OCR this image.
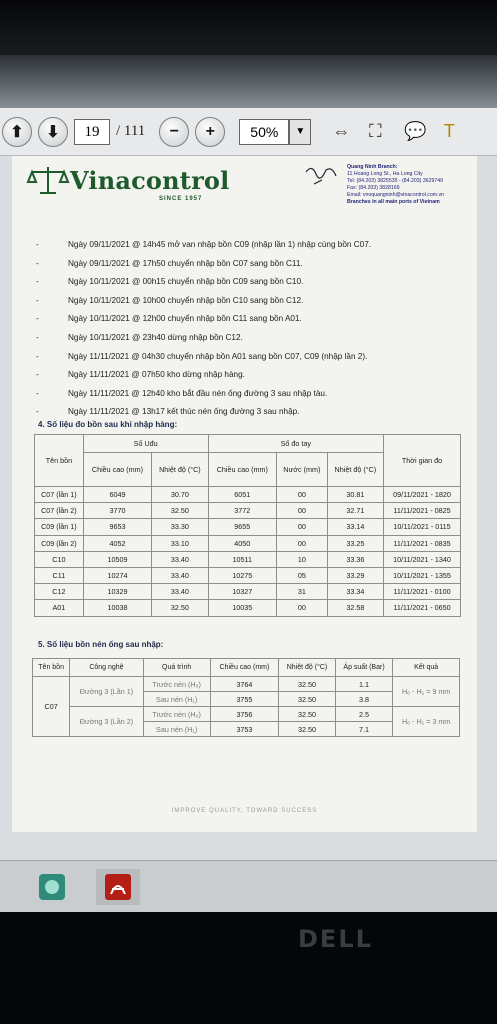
⬆ ⬇	19	/ 111 − +	50%	▼	⇔ ⛶ 💬 T
Vinacontrol
SINCE 1957
Quang Ninh Branch:
11 Hoang Long St., Ha Long City
Tel: (84.203) 3825535 - (84.203) 3629749
Fax: (84.203) 3828169
Email: vnoquangninh@vinacontrol.com.vn
Branches in all main ports of Vietnam
-	Ngày 09/11/2021 @ 14h45 mở van nhập bồn C09 (nhập lần 1) nhập cùng bồn C07.
-	Ngày 09/11/2021 @ 17h50 chuyển nhập bồn C07 sang bồn C11.
-	Ngày 10/11/2021 @ 00h15 chuyển nhập bồn C09 sang bồn C10.
-	Ngày 10/11/2021 @ 10h00 chuyển nhập bồn C10 sang bồn C12.
-	Ngày 10/11/2021 @ 12h00 chuyển nhập bồn C11 sang bồn A01.
-	Ngày 10/11/2021 @ 23h40 dừng nhập bồn C12.
-	Ngày 11/11/2021 @ 04h30 chuyển nhập bồn A01 sang bồn C07, C09 (nhập lần 2).
-	Ngày 11/11/2021 @ 07h50 kho dừng nhập hàng.
-	Ngày 11/11/2021 @ 12h40 kho bắt đầu nén ống đường 3 sau nhập tàu.
-	Ngày 11/11/2021 @ 13h17 kết thúc nén ống đường 3 sau nhập.
4. Số liệu đo bồn sau khi nhập hàng:
Tên bồn	Số Uđu		Số đo tay			Thời gian đo
	Chiều cao (mm)	Nhiệt độ (°C)	Chiều cao (mm)	Nước (mm)	Nhiệt độ (°C)	
C07 (lần 1)	6049	30.70	6051	00	30.81	09/11/2021 - 1820
C07 (lần 2)	3770	32.50	3772	00	32.71	11/11/2021 - 0825
C09 (lần 1)	9653	33.30	9655	00	33.14	10/11/2021 - 0115
C09 (lần 2)	4052	33.10	4050	00	33.25	11/11/2021 - 0835
C10	10509	33.40	10511	10	33.36	10/11/2021 - 1340
C11	10274	33.40	10275	05	33.29	10/11/2021 - 1355
C12	10329	33.40	10327	31	33.34	11/11/2021 - 0100
A01	10038	32.50	10035	00	32.58	11/11/2021 - 0650
5. Số liệu bồn nén ống sau nhập:
Tên bồn	Công nghệ	Quá trình	Chiều cao (mm)	Nhiệt độ (°C)	Áp suất (Bar)	Kết quả
C07	Đường 3 (Lần 1)	Trước nén (H₀)	3764	32.50	1.1	H₀ - H₁ = 9 mm
		Sau nén (H₁)	3755	32.50	3.8	
	Đường 3 (Lần 2)	Trước nén (H₀)	3756	32.50	2.5	H₀ - H₁ = 3 mm
		Sau nén (H₁)	3753	32.50	7.1	
IMPROVE QUALITY, TOWARD SUCCESS
DELL
